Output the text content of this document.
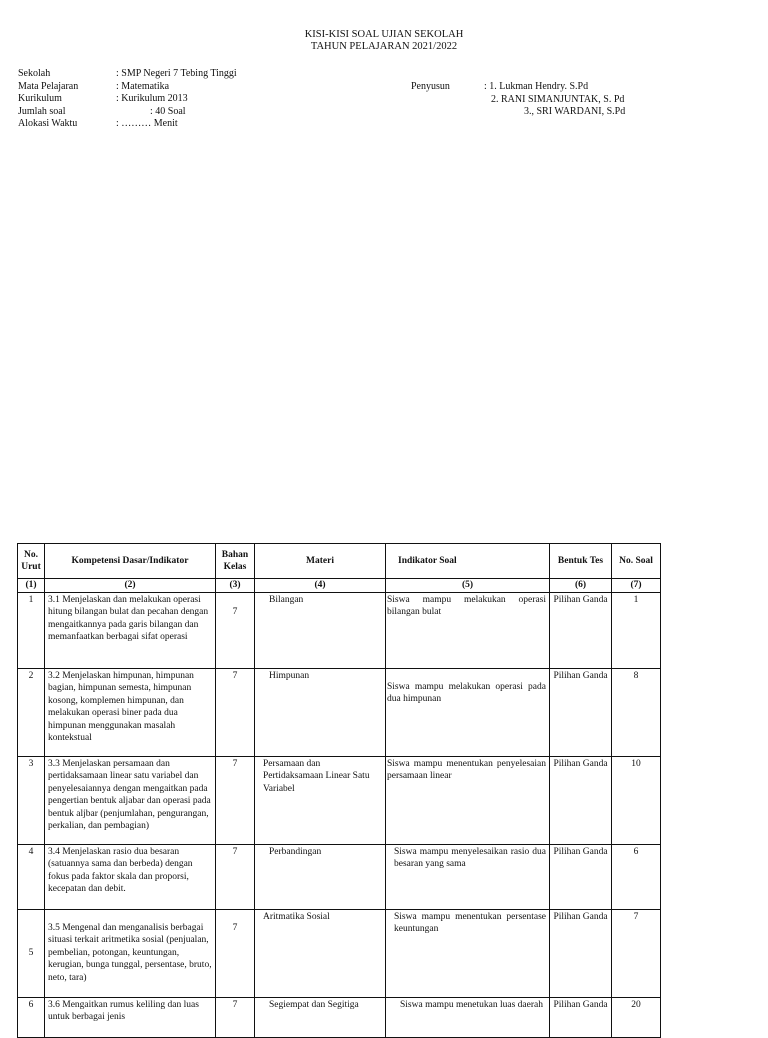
KISI-KISI SOAL UJIAN SEKOLAH
TAHUN PELAJARAN 2021/2022
Sekolah	: SMP Negeri 7 Tebing Tinggi
Mata Pelajaran	: Matematika
Kurikulum	: Kurikulum 2013
Jumlah soal	: 40 Soal
Alokasi Waktu	: ……… Menit
Penyusun	: 1. Lukman Hendry. S.Pd
2. RANI SIMANJUNTAK, S. Pd
3., SRI WARDANI, S.Pd
No. Urut	Kompetensi Dasar/Indikator	Bahan Kelas	Materi	Indikator Soal	Bentuk Tes	No. Soal
(1)	(2)	(3)	(4)	(5)	(6)	(7)
1	3.1 Menjelaskan dan melakukan operasi hitung bilangan bulat dan pecahan dengan mengaitkannya pada garis bilangan dan memanfaatkan berbagai sifat operasi	7	Bilangan	Siswa mampu melakukan operasi bilangan bulat	Pilihan Ganda	1
2	3.2 Menjelaskan himpunan, himpunan bagian, himpunan semesta, himpunan kosong, komplemen himpunan, dan melakukan operasi biner pada dua himpunan menggunakan masalah kontekstual	7	Himpunan	Siswa mampu melakukan operasi pada dua himpunan	Pilihan Ganda	8
3	3.3 Menjelaskan persamaan dan pertidaksamaan linear satu variabel dan penyelesaiannya dengan mengaitkan pada pengertian bentuk aljabar dan operasi pada bentuk aljbar (penjumlahan, pengurangan, perkalian, dan pembagian)	7	Persamaan dan Pertidaksamaan Linear Satu Variabel	Siswa mampu menentukan penyelesaian persamaan linear	Pilihan Ganda	10
4	3.4 Menjelaskan rasio dua besaran (satuannya sama dan berbeda) dengan fokus pada faktor skala dan proporsi, kecepatan dan debit.	7	Perbandingan	Siswa mampu menyelesaikan rasio dua besaran yang sama	Pilihan Ganda	6
5	3.5 Mengenal dan menganalisis berbagai situasi terkait aritmetika sosial (penjualan, pembelian, potongan, keuntungan, kerugian, bunga tunggal, persentase, bruto, neto, tara)	7	Aritmatika Sosial	Siswa mampu menentukan persentase keuntungan	Pilihan Ganda	7
6	3.6 Mengaitkan rumus keliling dan luas untuk berbagai jenis	7	Segiempat dan Segitiga	Siswa mampu menetukan luas daerah	Pilihan Ganda	20
